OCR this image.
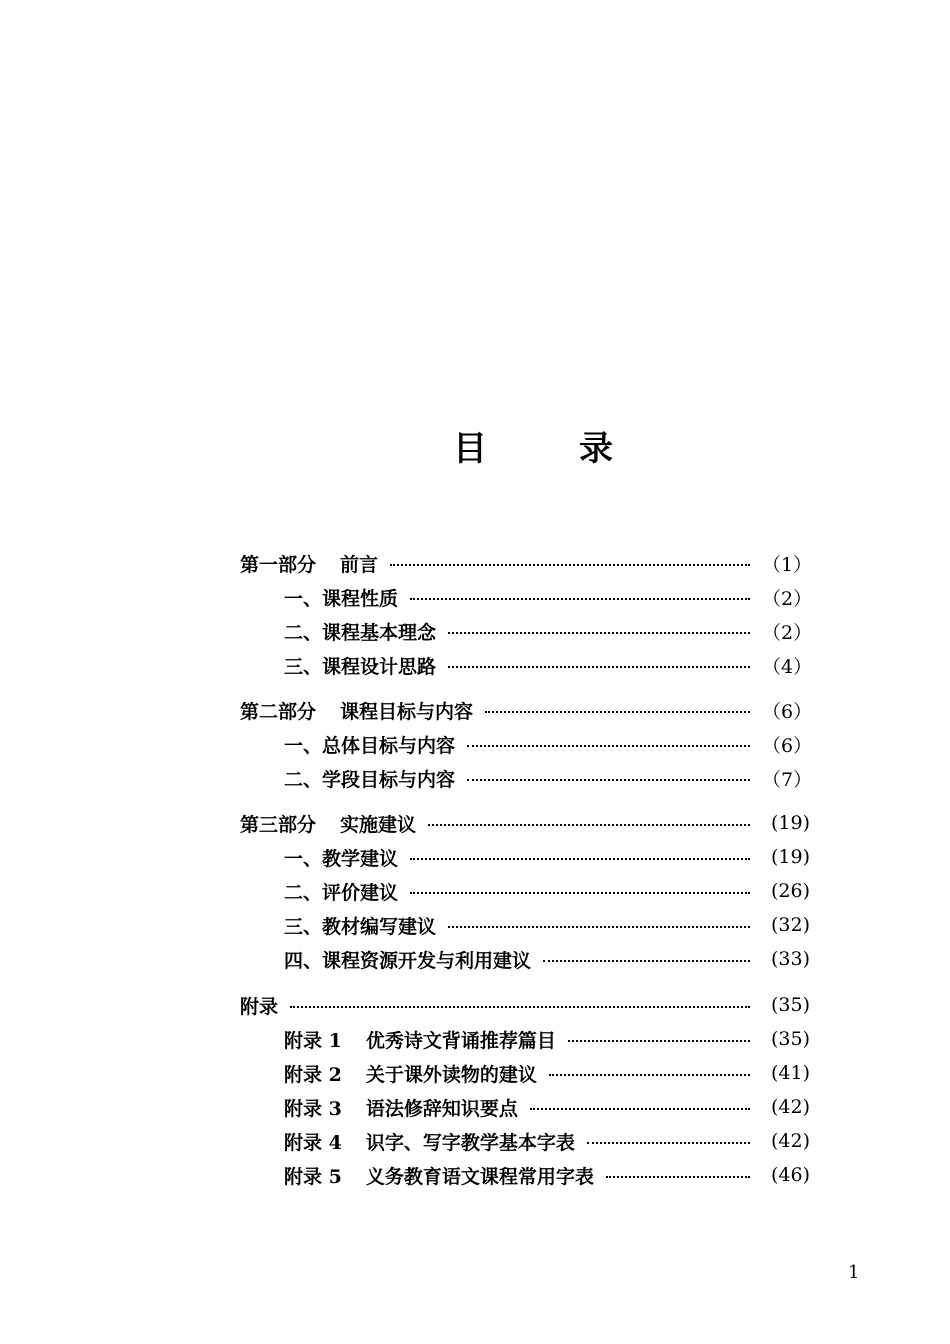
目	录
第一部分 前言	（1）
一、课程性质	（2）
二、课程基本理念	（2）
三、课程设计思路	（4）
第二部分 课程目标与内容	（6）
一、总体目标与内容	（6）
二、学段目标与内容	（7）
第三部分 实施建议	(19)
一、教学建议	(19)
二、评价建议	(26)
三、教材编写建议	(32)
四、课程资源开发与利用建议	(33)
附录	(35)
附录 1 优秀诗文背诵推荐篇目	(35)
附录 2 关于课外读物的建议	(41)
附录 3 语法修辞知识要点	(42)
附录 4 识字、写字教学基本字表	(42)
附录 5 义务教育语文课程常用字表	(46)
1
